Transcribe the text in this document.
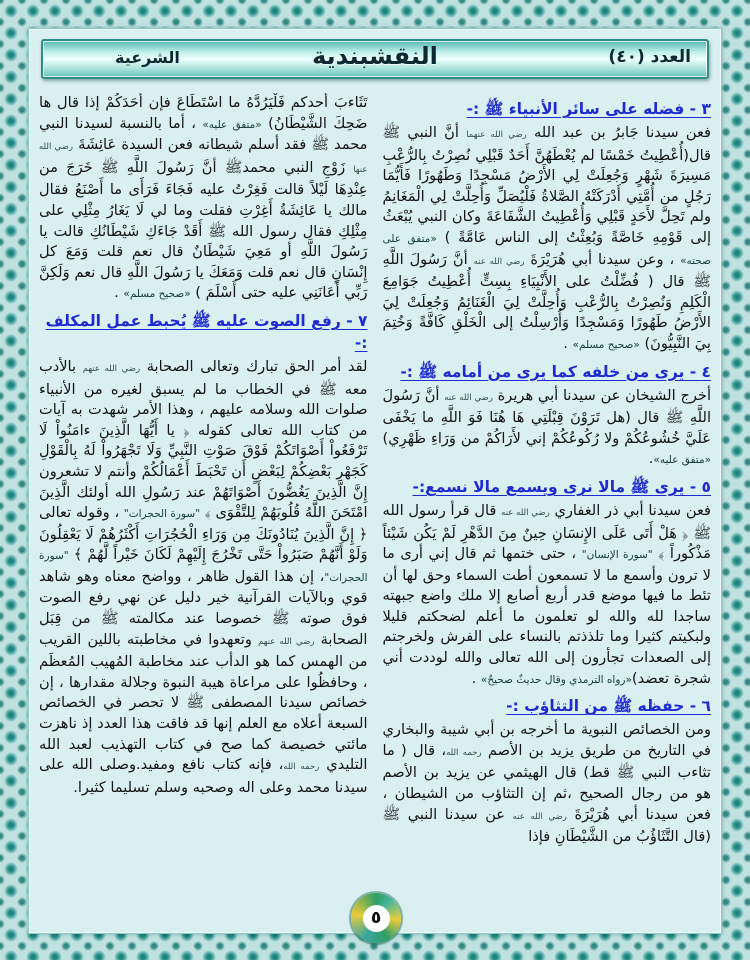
العدد (٤٠)
النقشبندية
الشرعية
٣ - فضله على سائر الأنبياء ﷺ :-

فعن سيدنا جَابرُ بن عبد الله رضي الله عنهما أنَّ النبي ﷺ قال(أُعْطِيتُ خَمْسًا لم يُعْطَهُنَّ أَحَدٌ قَبْلِي نُصِرْتُ بِالرُّعْبِ مَسِيرَةَ شَهْرٍ وَجُعِلَتْ لِي الأَرْضُ مَسْجِدًا وَطَهُورًا فَأَيُّمَا رَجُلٍ من أُمَّتِي أَدْرَكَتْهُ الصَّلاةُ فَلْيُصَلِّ وَأُحِلَّتْ لِي الْمَغَانِمُ ولم تَحِلَّ لأَحَدٍ قَبْلِي وَأُعْطِيتُ الشَّفَاعَةَ وكان النبي يُبْعَثُ إلى قَوْمِهِ خَاصَّةً وَبُعِثْتُ إلى الناس عَامَّةً ) «متفق على صحته» ، وعن سيدنا أبي هُرَيْرَةَ رضي الله عنه أنَّ رَسُولَ اللَّهِ ﷺ قال ( فُضِّلْتُ على الأَنْبِيَاءِ بِسِتٍّ أُعْطِيتُ جَوَامِعَ الْكَلِمِ وَنُصِرْتُ بِالرُّعْبِ وَأُحِلَّتْ لِيَ الْغَنَائِمُ وَجُعِلَتْ لِيَ الأَرْضُ طَهُورًا وَمَسْجِدًا وَأُرْسِلْتُ إلى الْخَلْقِ كَافَّةً وَخُتِمَ بِيَ النَّبِيُّونَ) «صحيح مسلم» .

٤ - يرى من خلفه كما يرى من أمامه ﷺ :-

أخرج الشيخان عن سيدنا أبي هريرة رضي الله عنه أنَّ رَسُولَ اللَّهِ ﷺ قال (هل تَرَوْنَ قِبْلَتِي هَا هُنَا فَوَ اللَّهِ ما يَخْفَى عَلَيَّ خُشُوعُكُمْ ولا رُكُوعُكُمْ إني لأَرَاكُمْ من وَرَاءِ ظَهْرِي) «متفق عليه».

٥ - يرى ﷺ مالا نرى ويسمع مالا نسمع:-

فعن سيدنا أبي ذر الغفاري رضي الله عنه قال قرأ رسول الله ﷺ ﴿ هَلْ أَتَى عَلَى الإِنسَانِ حِينٌ مِنَ الدَّهْرِ لَمْ يَكُن شَيْئاً مَذْكُوراً ﴾ "سورة الإنسان" ، حتى ختمها ثم قال إني أرى ما لا ترون وأسمع ما لا تسمعون أطت السماء وحق لها أن تئط ما فيها موضع قدر أربع أصابع إلا ملك واضع جبهته ساجدا لله والله لو تعلمون ما أعلم لضحكتم قليلا ولبكيتم كثيرا وما تلذذتم بالنساء على الفرش ولخرجتم إلى الصعدات تجأرون إلى الله تعالى والله لوددت أني شجرة تعضد)«رواه الترمذي وقال حديثٌ صحيحٌ» .

٦ - حفظه ﷺ من التثاؤب :-

ومن الخصائص النبوية ما أخرجه بن أبي شيبة والبخاري في التاريخ من طريق يزيد بن الأصم رحمه الله، قال ( ما تثاءب النبي ﷺ قط) قال الهيثمي عن يزيد بن الأصم هو من رجال الصحيح ،ثم إن التثاؤب من الشيطان ، فعن سيدنا أبي هُرَيْرَةَ رضي الله عنه عن سيدنا النبي ﷺ (قال التَّثَاؤُبُ من الشَّيْطَانِ فإذا

تَثَاءبَ أحدكم فَلْيَرُدَّهُ ما اسْتَطَاعَ فإن أَحَدَكُمْ إذا قال ها ضَحِكَ الشَّيْطَانُ) «متفق عليه» ، أما بالنسبة لسيدنا النبي محمد ﷺ فقد أسلم شيطانه فعن السيدة عَائِشَةَ رضي الله عنها زَوْجِ النبي محمدﷺ أنَّ رَسُولَ اللَّهِ ﷺ خَرَجَ من عِنْدِهَا لَيْلاً قالت فَغِرْتُ عليه فَجَاءَ فَرَأَى ما أَصْنَعُ فقال مالك يا عَائِشَةُ أَغِرْتِ فقلت وما لي لَا يَغَارُ مِثْلِي على مِثْلِكِ فقال رسول الله ﷺ أَقَدْ جَاءَكِ شَيْطَانُكِ قالت يا رَسُولَ اللَّهِ أو مَعِيَ شَيْطَانٌ قال نعم قلت وَمَعَ كل إِنْسَانٍ قال نعم قلت وَمَعَكَ يا رَسُولَ اللَّهِ قال نعم وَلَكِنَّ رَبِّي أَعَانَنِي عليه حتى أَسْلَمَ ) «صحيح مسلم» .

٧ - رفع الصوت عليه ﷺ يُحبط عمل المكلف :-

لقد أمر الحق تبارك وتعالى الصحابة رضي الله عنهم بالأدب معه ﷺ في الخطاب ما لم يسبق لغيره من الأنبياء صلوات الله وسلامه عليهم ، وهذا الأمر شهدت به آيات من كتاب الله تعالى كقوله ﴿ يا أَيُّهَا الَّذِينَ ءامَنُواْ لَا تَرْفَعُواْ أَصْوَاتَكُمْ فَوْقَ صَوْتِ النَّبِيِّ وَلَا تَجْهَرُواْ لَهُ بِالْقَوْلِ كَجَهْرِ بَعْضِكُمْ لِبَعْضٍ أَن تَحْبَطَ أَعْمَالُكُمْ وأنتم لا تشعرون إِنَّ الَّذِينَ يَغُضُّونَ أَصْوَاتَهُمْ عند رَسُولِ الله أولئك الَّذِينَ امْتَحَنَ اللَّهُ قُلُوبَهُمْ لِلتَّقْوَى ﴾ "سورة الحجرات" ، وقوله تعالى ﴿ إِنَّ الَّذِينَ يُنَادُونَكَ مِن وَرَاءِ الْحُجُرَاتِ أَكْثَرُهُمْ لَا يَعْقِلُونَ وَلَوْ أَنَّهُمْ صَبَرُواْ حَتَّى تَخْرُجَ إِلَيْهِمْ لَكَانَ خَيْراً لَّهُمْ ﴾ "سورة الحجرات"، إن هذا القول ظاهر ، وواضح معناه وهو شاهد قوي وبالآيات القرآنية خير دليل عن نهي رفع الصوت فوق صوته ﷺ خصوصا عند مكالمته ﷺ من قِبَل الصحابة رضي الله عنهم وتعهدوا في مخاطبته باللين القريب من الهمس كما هو الدأب عند مخاطبة المُهيب المُعظَم ، وحافظُوا على مراعاة هيبة النبوة وجلالة مقدارها ، إن خصائص سيدنا المصطفى ﷺ لا تحصر في الخصائص السبعة أعلاه مع العلم إنها قد فاقت هذا العدد إذ ناهزت مائتي خصيصة كما صح في كتاب التهذيب لعبد الله التليدي رحمه الله، فإنه كتاب نافع ومفيد.وصلى الله على سيدنا محمد وعلى اله وصحبه وسلم تسليما كثيرا.

٥
